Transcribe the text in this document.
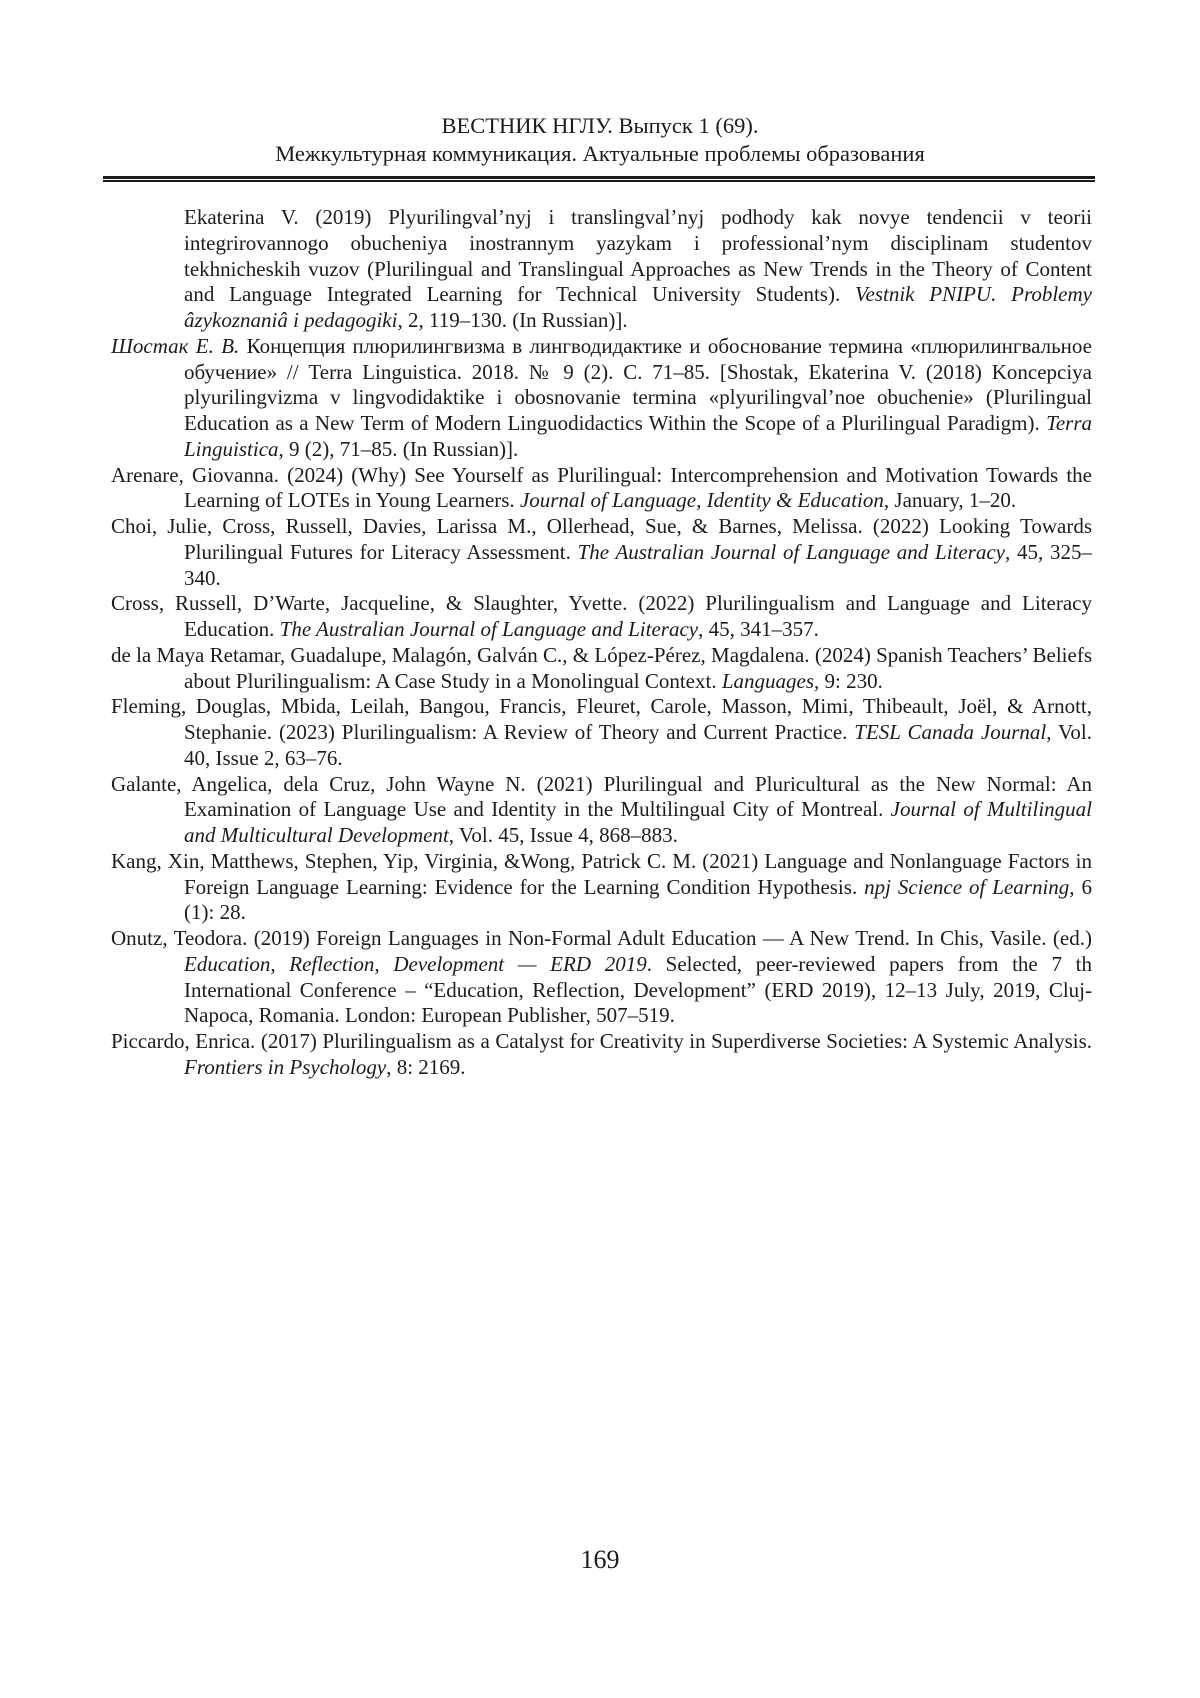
ВЕСТНИК НГЛУ. Выпуск 1 (69).
Межкультурная коммуникация. Актуальные проблемы образования

Ekaterina V. (2019) Plyurilingval’nyj i translingval’nyj podhody kak novye tendencii v teorii integrirovannogo obucheniya inostrannym yazykam i professional’nym disciplinam studentov tekhnicheskih vuzov (Plurilingual and Translingual Approaches as New Trends in the Theory of Content and Language Integrated Learning for Technical University Students). Vestnik PNIPU. Problemy âzykoznaniâ i pedagogiki, 2, 119–130. (In Russian)].

Шостак Е. В. Концепция плюрилингвизма в лингводидактике и обоснование термина «плюрилингвальное обучение» // Terra Linguistica. 2018. № 9 (2). С. 71–85. [Shostak, Ekaterina V. (2018) Koncepciya plyurilingvizma v lingvodidaktike i obosnovanie termina «plyurilingval’noe obuchenie» (Plurilingual Education as a New Term of Modern Linguodidactics Within the Scope of a Plurilingual Paradigm). Terra Linguistica, 9 (2), 71–85. (In Russian)].

Arenare, Giovanna. (2024) (Why) See Yourself as Plurilingual: Intercomprehension and Motivation Towards the Learning of LOTEs in Young Learners. Journal of Language, Identity & Education, January, 1–20.

Choi, Julie, Cross, Russell, Davies, Larissa M., Ollerhead, Sue, & Barnes, Melissa. (2022) Looking Towards Plurilingual Futures for Literacy Assessment. The Australian Journal of Language and Literacy, 45, 325–340.

Cross, Russell, D’Warte, Jacqueline, & Slaughter, Yvette. (2022) Plurilingualism and Language and Literacy Education. The Australian Journal of Language and Literacy, 45, 341–357.

de la Maya Retamar, Guadalupe, Malagón, Galván C., & López-Pérez, Magdalena. (2024) Spanish Teachers’ Beliefs about Plurilingualism: A Case Study in a Monolingual Context. Languages, 9: 230.

Fleming, Douglas, Mbida, Leilah, Bangou, Francis, Fleuret, Carole, Masson, Mimi, Thibeault, Joël, & Arnott, Stephanie. (2023) Plurilingualism: A Review of Theory and Current Practice. TESL Canada Journal, Vol. 40, Issue 2, 63–76.

Galante, Angelica, dela Cruz, John Wayne N. (2021) Plurilingual and Pluricultural as the New Normal: An Examination of Language Use and Identity in the Multilingual City of Montreal. Journal of Multilingual and Multicultural Development, Vol. 45, Issue 4, 868–883.

Kang, Xin, Matthews, Stephen, Yip, Virginia, &Wong, Patrick C. M. (2021) Language and Nonlanguage Factors in Foreign Language Learning: Evidence for the Learning Condition Hypothesis. npj Science of Learning, 6 (1): 28.

Onutz, Teodora. (2019) Foreign Languages in Non-Formal Adult Education — A New Trend. In Chis, Vasile. (ed.) Education, Reflection, Development — ERD 2019. Selected, peer-reviewed papers from the 7 th International Conference – “Education, Reflection, Development” (ERD 2019), 12–13 July, 2019, Cluj-Napoca, Romania. London: European Publisher, 507–519.

Piccardo, Enrica. (2017) Plurilingualism as a Catalyst for Creativity in Superdiverse Societies: A Systemic Analysis. Frontiers in Psychology, 8: 2169.

169
